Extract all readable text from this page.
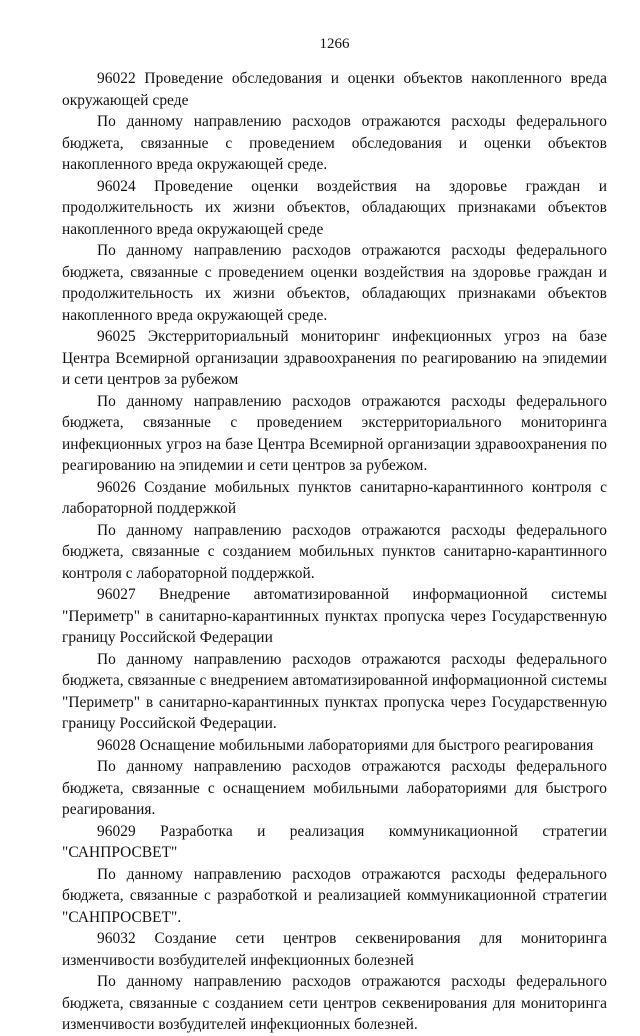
1266

96022 Проведение обследования и оценки объектов накопленного вреда окружающей среде

По данному направлению расходов отражаются расходы федерального бюджета, связанные с проведением обследования и оценки объектов накопленного вреда окружающей среде.

96024 Проведение оценки воздействия на здоровье граждан и продолжительность их жизни объектов, обладающих признаками объектов накопленного вреда окружающей среде

По данному направлению расходов отражаются расходы федерального бюджета, связанные с проведением оценки воздействия на здоровье граждан и продолжительность их жизни объектов, обладающих признаками объектов накопленного вреда окружающей среде.

96025 Экстерриториальный мониторинг инфекционных угроз на базе Центра Всемирной организации здравоохранения по реагированию на эпидемии и сети центров за рубежом

По данному направлению расходов отражаются расходы федерального бюджета, связанные с проведением экстерриториального мониторинга инфекционных угроз на базе Центра Всемирной организации здравоохранения по реагированию на эпидемии и сети центров за рубежом.

96026 Создание мобильных пунктов санитарно-карантинного контроля с лабораторной поддержкой

По данному направлению расходов отражаются расходы федерального бюджета, связанные с созданием мобильных пунктов санитарно-карантинного контроля с лабораторной поддержкой.

96027 Внедрение автоматизированной информационной системы "Периметр" в санитарно-карантинных пунктах пропуска через Государственную границу Российской Федерации

По данному направлению расходов отражаются расходы федерального бюджета, связанные с внедрением автоматизированной информационной системы "Периметр" в санитарно-карантинных пунктах пропуска через Государственную границу Российской Федерации.

96028 Оснащение мобильными лабораториями для быстрого реагирования

По данному направлению расходов отражаются расходы федерального бюджета, связанные с оснащением мобильными лабораториями для быстрого реагирования.

96029 Разработка и реализация коммуникационной стратегии "САНПРОСВЕТ"

По данному направлению расходов отражаются расходы федерального бюджета, связанные с разработкой и реализацией коммуникационной стратегии "САНПРОСВЕТ".

96032 Создание сети центров секвенирования для мониторинга изменчивости возбудителей инфекционных болезней

По данному направлению расходов отражаются расходы федерального бюджета, связанные с созданием сети центров секвенирования для мониторинга изменчивости возбудителей инфекционных болезней.
